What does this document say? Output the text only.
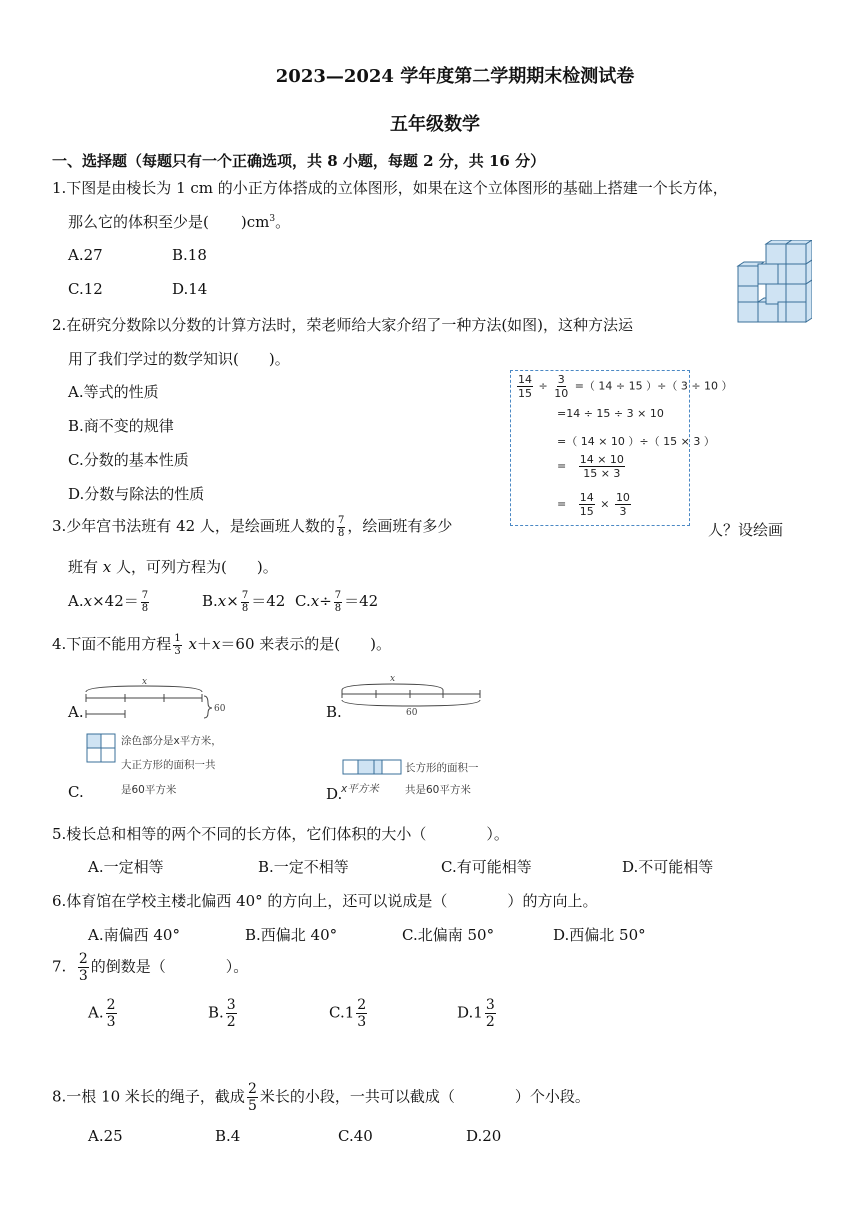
2023—2024 学年度第二学期期末检测试卷
五年级数学
一、选择题（每题只有一个正确选项，共 8 小题，每题 2 分，共 16 分）
1.下图是由棱长为 1 cm 的小正方体搭成的立体图形，如果在这个立体图形的基础上搭建一个长方体，
那么它的体积至少是( )$cm^3$。
A.27	B.18
C.12	D.14
2.在研究分数除以分数的计算方法时，荣老师给大家介绍了一种方法(如图)，这种方法运
用了我们学过的数学知识(　　)。
A.等式的性质
B.商不变的规律
C.分数的基本性质
D.分数与除法的性质
$\frac{14}{15} \div \frac{3}{10}$ =（ 14 ÷ 15 ）÷（ 3 ÷ 10 ）
=14 ÷ 15 ÷ 3 × 10
=（ 14 × 10 ）÷（ 15 × 3 ）
= $\frac{14 \times 10}{15 \times 3}$
= $\frac{14}{15} \times \frac{10}{3}$
3.少年宫书法班有 42 人，是绘画班人数的 $\frac{7}{8}$ ，绘画班有多少	人？设绘画
班有 x 人，可列方程为(　　)。
$A.x\times 42= \frac{7}{8}$	$B.x\times \frac{7}{8} =42$ $C.x\div \frac{7}{8} =42$
4.下面不能用方程 $\frac{1}{3} x+x=60$ 来表示的是(　　)。
A.
x
60	B.
x
60
涂色部分是x平方米，
大正方形的面积一共
是60平方米
C.
长方形的面积一
共是60平方米
x平方米
D.
5.棱长总和相等的两个不同的长方体，它们体积的大小（　　　　）。
A.一定相等	B.一定不相等	C.有可能相等	D.不可能相等
6.体育馆在学校主楼北偏西 40° 的方向上，还可以说成是（　　　　）的方向上。
A.南偏西 40°	B.西偏北 40°	C.北偏南 50°	D.西偏北 50°
7. $\frac{2}{3}$ 的倒数是（　　　　）。
A. $\frac{2}{3}$	B. $\frac{3}{2}$	$C.1 \frac{2}{3}$	$D.1 \frac{3}{2}$
8.一根 10 米长的绳子，截成 $\frac{2}{5}$ 米长的小段，一共可以截成（　　　　）个小段。
A.25	B.4	C.40	D.20
